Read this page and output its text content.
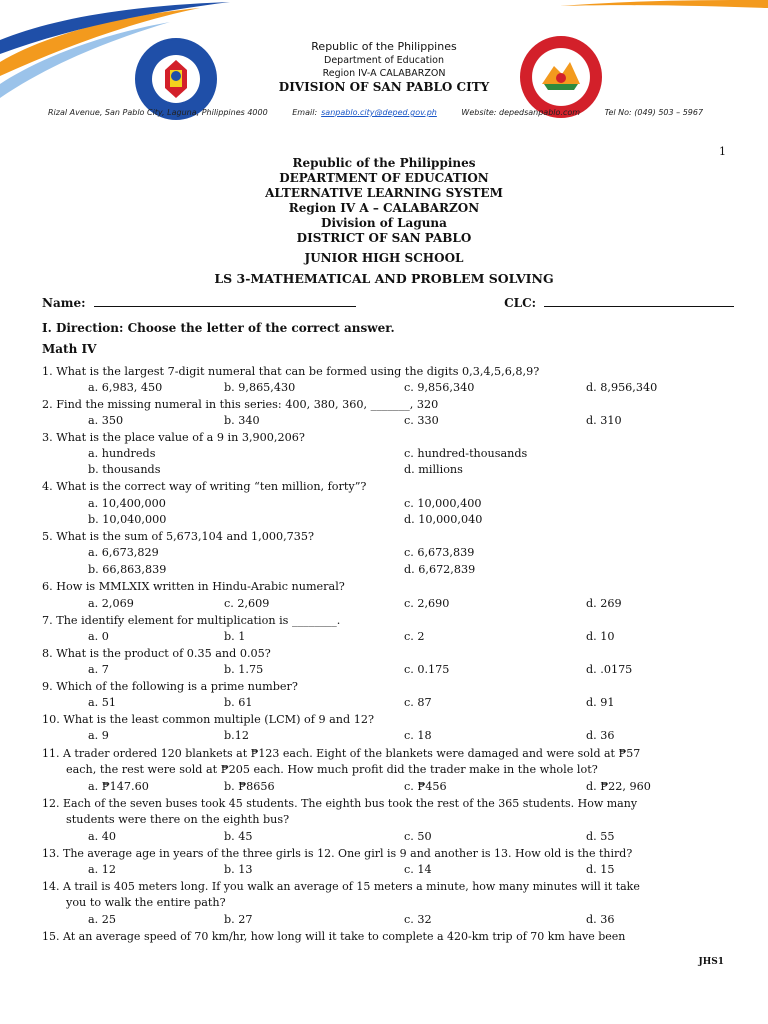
Republic of the Philippines
Department of Education
Region IV-A CALABARZON
DIVISION OF SAN PABLO CITY
Rizal Avenue, San Pablo City, Laguna, Philippines 4000	Email: sanpablo.city@deped.gov.ph	Website: depedsanpablo.com	Tel No: (049) 503 – 5967
1
Republic of the Philippines
DEPARTMENT OF EDUCATION
ALTERNATIVE LEARNING SYSTEM
Region IV A – CALABARZON
Division of Laguna
DISTRICT OF SAN PABLO
JUNIOR HIGH SCHOOL
LS 3-MATHEMATICAL AND PROBLEM SOLVING
Name:	CLC:
I. Direction: Choose the letter of the correct answer.
Math IV
1. What is the largest 7-digit numeral that can be formed using the digits 0,3,4,5,6,8,9?
a. 6,983, 450	b. 9,865,430	c. 9,856,340	d. 8,956,340
2. Find the missing numeral in this series: 400, 380, 360, _______, 320
a. 350	b. 340	c. 330	d. 310
3. What is the place value of a 9 in 3,900,206?
a. hundreds	c. hundred-thousands
b. thousands	d. millions
4. What is the correct way of writing “ten million, forty”?
a. 10,400,000	c. 10,000,400
b. 10,040,000	d. 10,000,040
5. What is the sum of 5,673,104 and 1,000,735?
a. 6,673,829	c. 6,673,839
b. 66,863,839	d. 6,672,839
6. How is MMLXIX written in Hindu-Arabic numeral?
a. 2,069	c. 2,609	c. 2,690	d. 269
7. The identify element for multiplication is ________.
a. 0	b. 1	c. 2	d. 10
8. What is the product of 0.35 and 0.05?
a. 7	b. 1.75	c. 0.175	d. .0175
9. Which of the following is a prime number?
a. 51	b. 61	c. 87	d. 91
10. What is the least common multiple (LCM) of 9 and 12?
a. 9	b.12	c. 18	d. 36
11. A trader ordered 120 blankets at ₱123 each. Eight of the blankets were damaged and were sold at ₱57
each, the rest were sold at ₱205 each. How much profit did the trader make in the whole lot?
a. ₱147.60	b. ₱8656	c. ₱456	d. ₱22, 960
12. Each of the seven buses took 45 students. The eighth bus took the rest of the 365 students. How many
students were there on the eighth bus?
a. 40	b. 45	c. 50	d. 55
13. The average age in years of the three girls is 12. One girl is 9 and another is 13. How old is the third?
a. 12	b. 13	c. 14	d. 15
14. A trail is 405 meters long. If you walk an average of 15 meters a minute, how many minutes will it take
you to walk the entire path?
a. 25	b. 27	c. 32	d. 36
15. At an average speed of 70 km/hr, how long will it take to complete a 420-km trip of 70 km have been
JHS1
